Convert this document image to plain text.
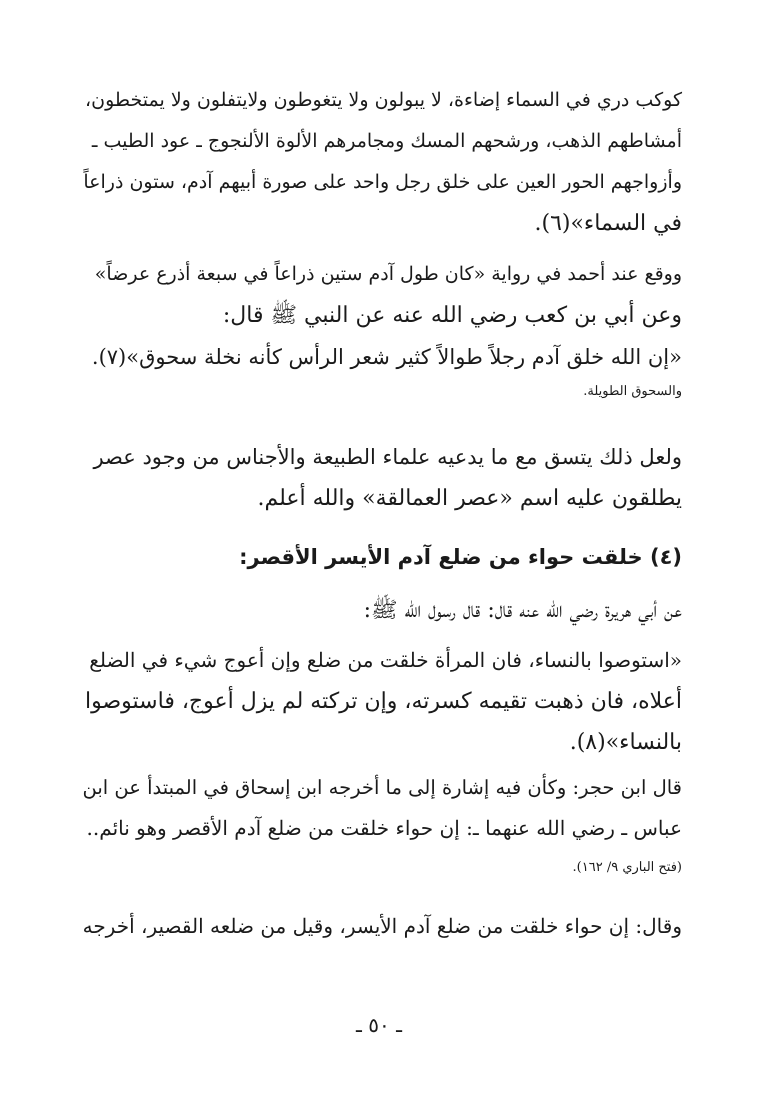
كوكب دري في السماء إضاءة، لا يبولون ولا يتغوطون ولايتفلون ولا يمتخطون،
أمشاطهم الذهب، ورشحهم المسك ومجامرهم الألوة الألنجوج ـ عود الطيب ـ
وأزواجهم الحور العين على خلق رجل واحد على صورة أبيهم آدم، ستون ذراعاً
في السماء»(٦).
ووقع عند أحمد في رواية «كان طول آدم ستين ذراعاً في سبعة أذرع عرضاً»
وعن أبي بن كعب رضي الله عنه عن النبي ﷺ قال:
«إن الله خلق آدم رجلاً طوالاً كثير شعر الرأس كأنه نخلة سحوق»(٧).
والسحوق الطويلة.
ولعل ذلك يتسق مع ما يدعيه علماء الطبيعة والأجناس من وجود عصر
يطلقون عليه اسم «عصر العمالقة» والله أعلم.
(٤) خلقت حواء من ضلع آدم الأيسر الأقصر:
عن أبي هريرة رضي الله عنه قال: قال رسول الله ﷺ:
«استوصوا بالنساء، فان المرأة خلقت من ضلع وإن أعوج شيء في الضلع
أعلاه، فان ذهبت تقيمه كسرته، وإن تركته لم يزل أعوج، فاستوصوا
بالنساء»(٨).
قال ابن حجر: وكأن فيه إشارة إلى ما أخرجه ابن إسحاق في المبتدأ عن ابن
عباس ـ رضي الله عنهما ـ: إن حواء خلقت من ضلع آدم الأقصر وهو نائم..
(فتح الباري ٩/ ١٦٢).
وقال: إن حواء خلقت من ضلع آدم الأيسر، وقيل من ضلعه القصير، أخرجه
ـ ٥٠ ـ
